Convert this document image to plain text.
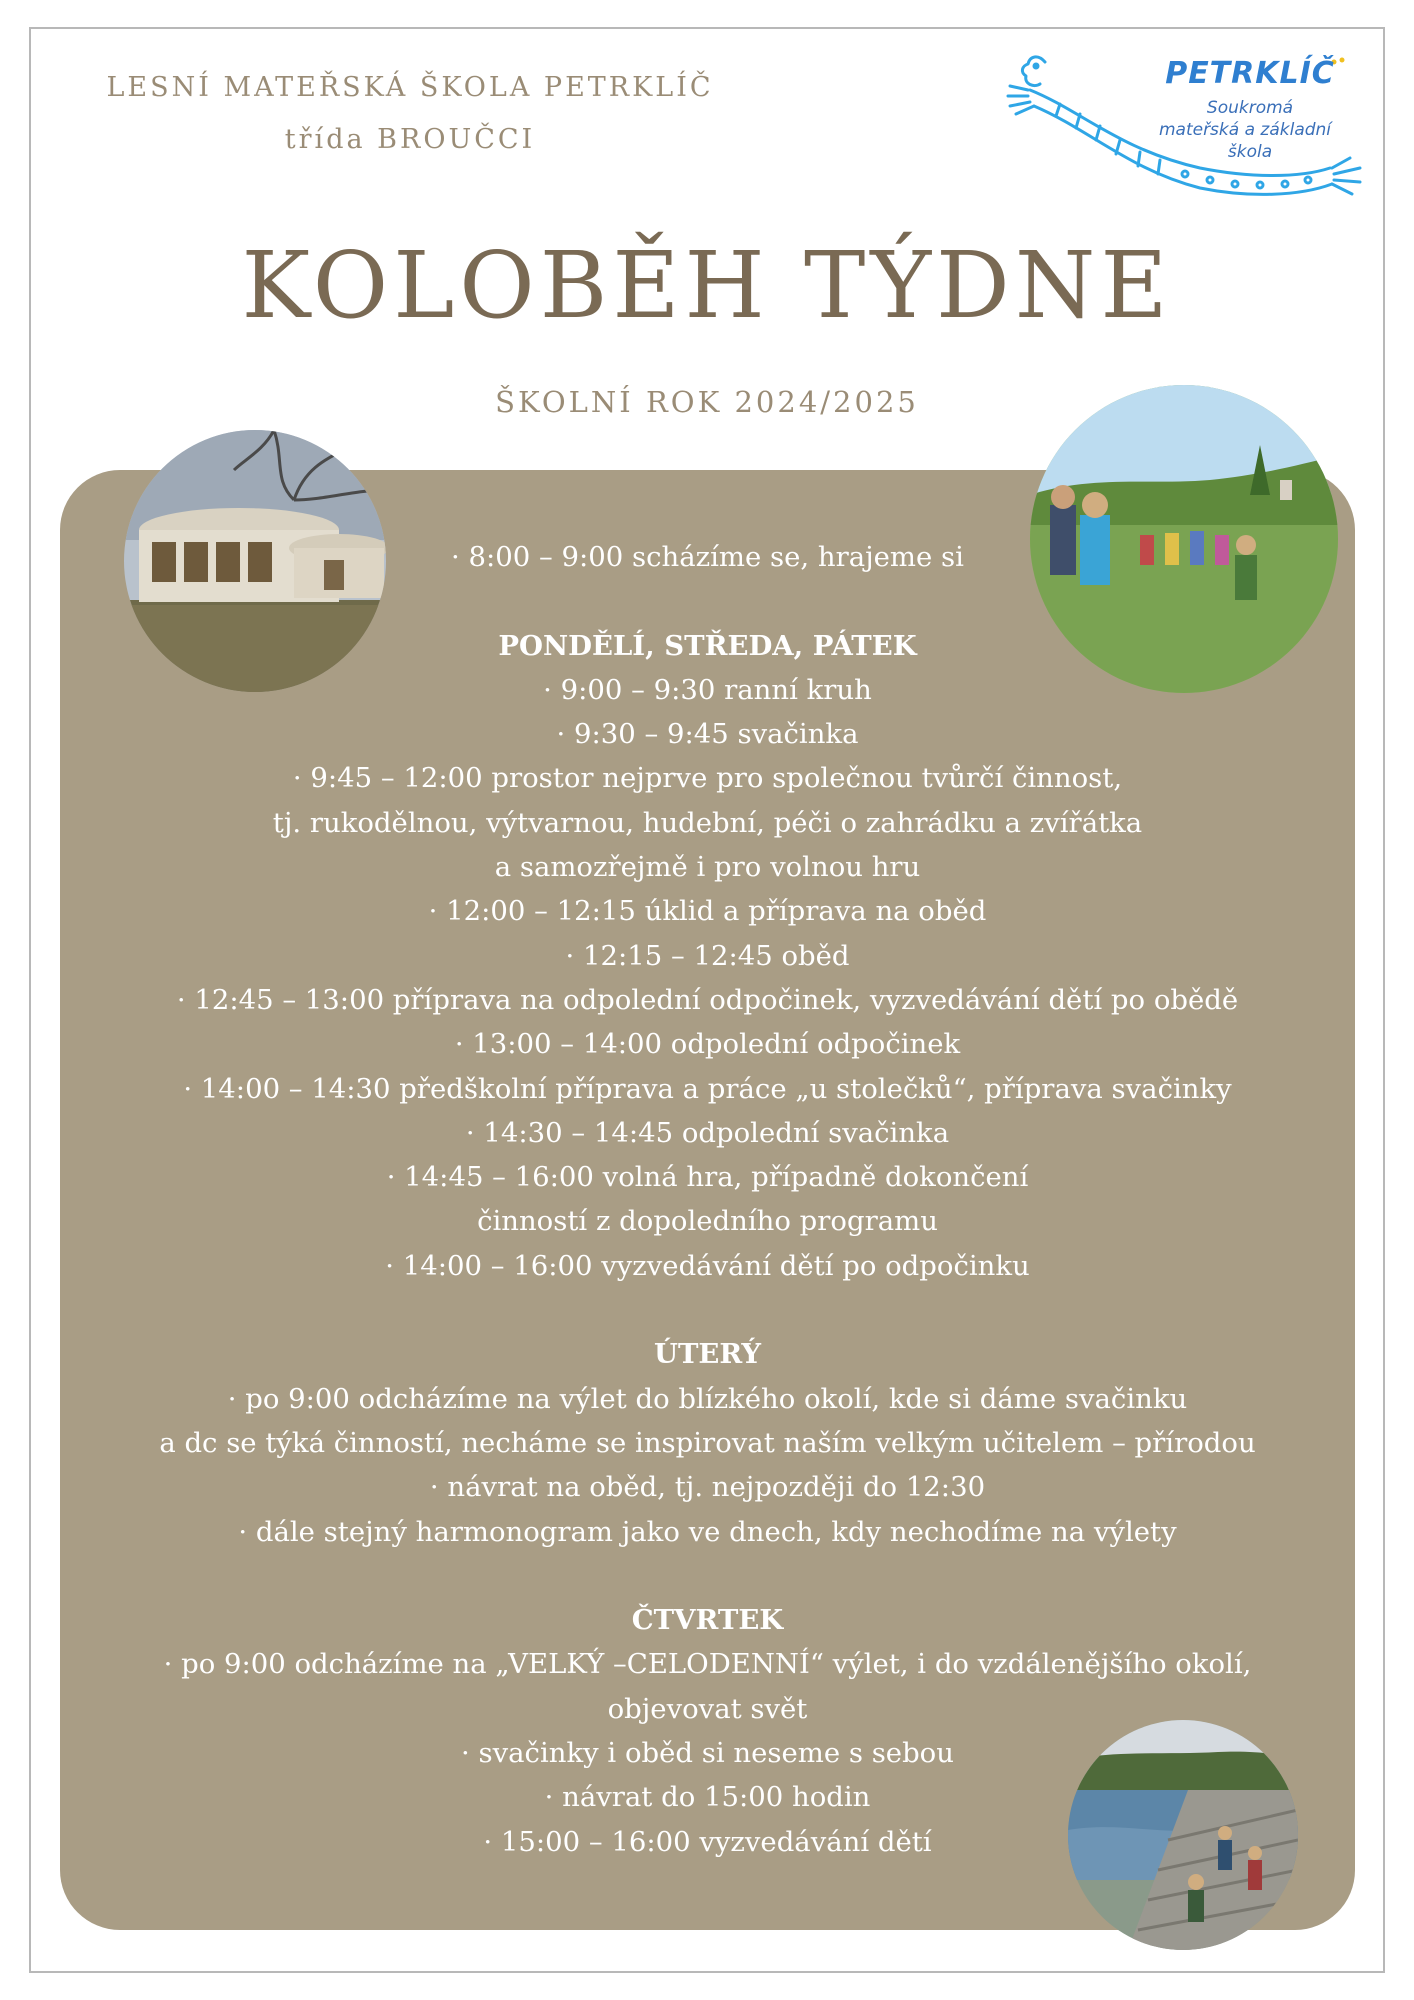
LESNÍ MATEŘSKÁ ŠKOLA PETRKLÍČ
třída BROUČCI
PETRKLÍČ
Soukromá
mateřská a základní
škola
KOLOBĚH TÝDNE
ŠKOLNÍ ROK 2024/2025
· 8:00 – 9:00 scházíme se, hrajeme si
PONDĚLÍ, STŘEDA, PÁTEK
· 9:00 – 9:30 ranní kruh
· 9:30 – 9:45 svačinka
· 9:45 – 12:00 prostor nejprve pro společnou tvůrčí činnost,
tj. rukodělnou, výtvarnou, hudební, péči o zahrádku a zvířátka
a samozřejmě i pro volnou hru
· 12:00 – 12:15 úklid a příprava na oběd
· 12:15 – 12:45 oběd
· 12:45 – 13:00 příprava na odpolední odpočinek, vyzvedávání dětí po obědě
· 13:00 – 14:00 odpolední odpočinek
· 14:00 – 14:30 předškolní příprava a práce „u stolečků“, příprava svačinky
· 14:30 – 14:45 odpolední svačinka
· 14:45 – 16:00 volná hra, případně dokončení
činností z dopoledního programu
· 14:00 – 16:00 vyzvedávání dětí po odpočinku
ÚTERÝ
· po 9:00 odcházíme na výlet do blízkého okolí, kde si dáme svačinku
a dc se týká činností, necháme se inspirovat naším velkým učitelem – přírodou
· návrat na oběd, tj. nejpozději do 12:30
· dále stejný harmonogram jako ve dnech, kdy nechodíme na výlety
ČTVRTEK
· po 9:00 odcházíme na „VELKÝ –CELODENNÍ“ výlet, i do vzdálenějšího okolí,
objevovat svět
· svačinky i oběd si neseme s sebou
· návrat do 15:00 hodin
· 15:00 – 16:00 vyzvedávání dětí
